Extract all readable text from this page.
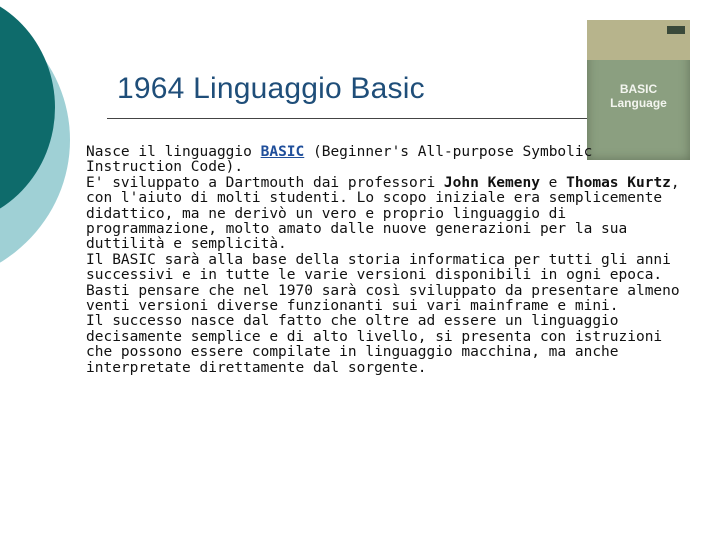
1964 Linguaggio Basic	BASIC
Language

Nasce il linguaggio BASIC (Beginner's All-purpose Symbolic Instruction Code).

E' sviluppato a Dartmouth dai professori John Kemeny e Thomas Kurtz, con l'aiuto di molti studenti. Lo scopo iniziale era semplicemente didattico, ma ne derivò un vero e proprio linguaggio di programmazione, molto amato dalle nuove generazioni per la sua duttilità e semplicità.

Il BASIC sarà alla base della storia informatica per tutti gli anni successivi e in tutte le varie versioni disponibili in ogni epoca.

Basti pensare che nel 1970 sarà così sviluppato da presentare almeno venti versioni diverse funzionanti sui vari mainframe e mini.

Il successo nasce dal fatto che oltre ad essere un linguaggio decisamente semplice e di alto livello, si presenta con istruzioni che possono essere compilate in linguaggio macchina, ma anche interpretate direttamente dal sorgente.
